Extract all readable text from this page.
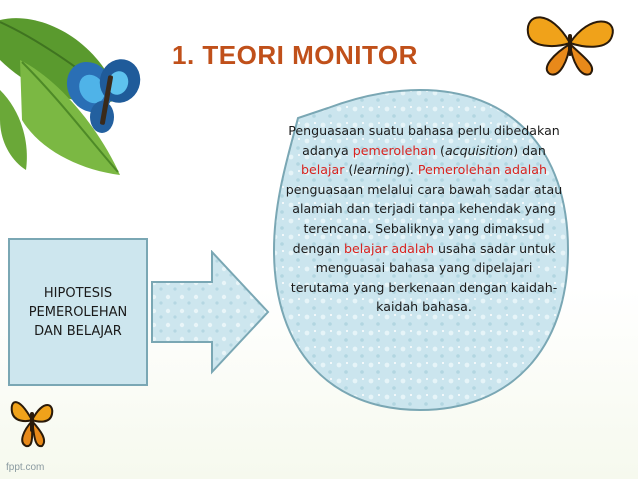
1. TEORI MONITOR
HIPOTESIS
PEMEROLEHAN
DAN BELAJAR
Penguasaan suatu bahasa perlu dibedakan adanya pemerolehan (acquisition) dan belajar (learning). Pemerolehan adalah penguasaan melalui cara bawah sadar atau alamiah dan terjadi tanpa kehendak yang terencana. Sebaliknya yang dimaksud dengan belajar adalah usaha sadar untuk menguasai bahasa yang dipelajari terutama yang berkenaan dengan kaidah-kaidah bahasa.
fppt.com
